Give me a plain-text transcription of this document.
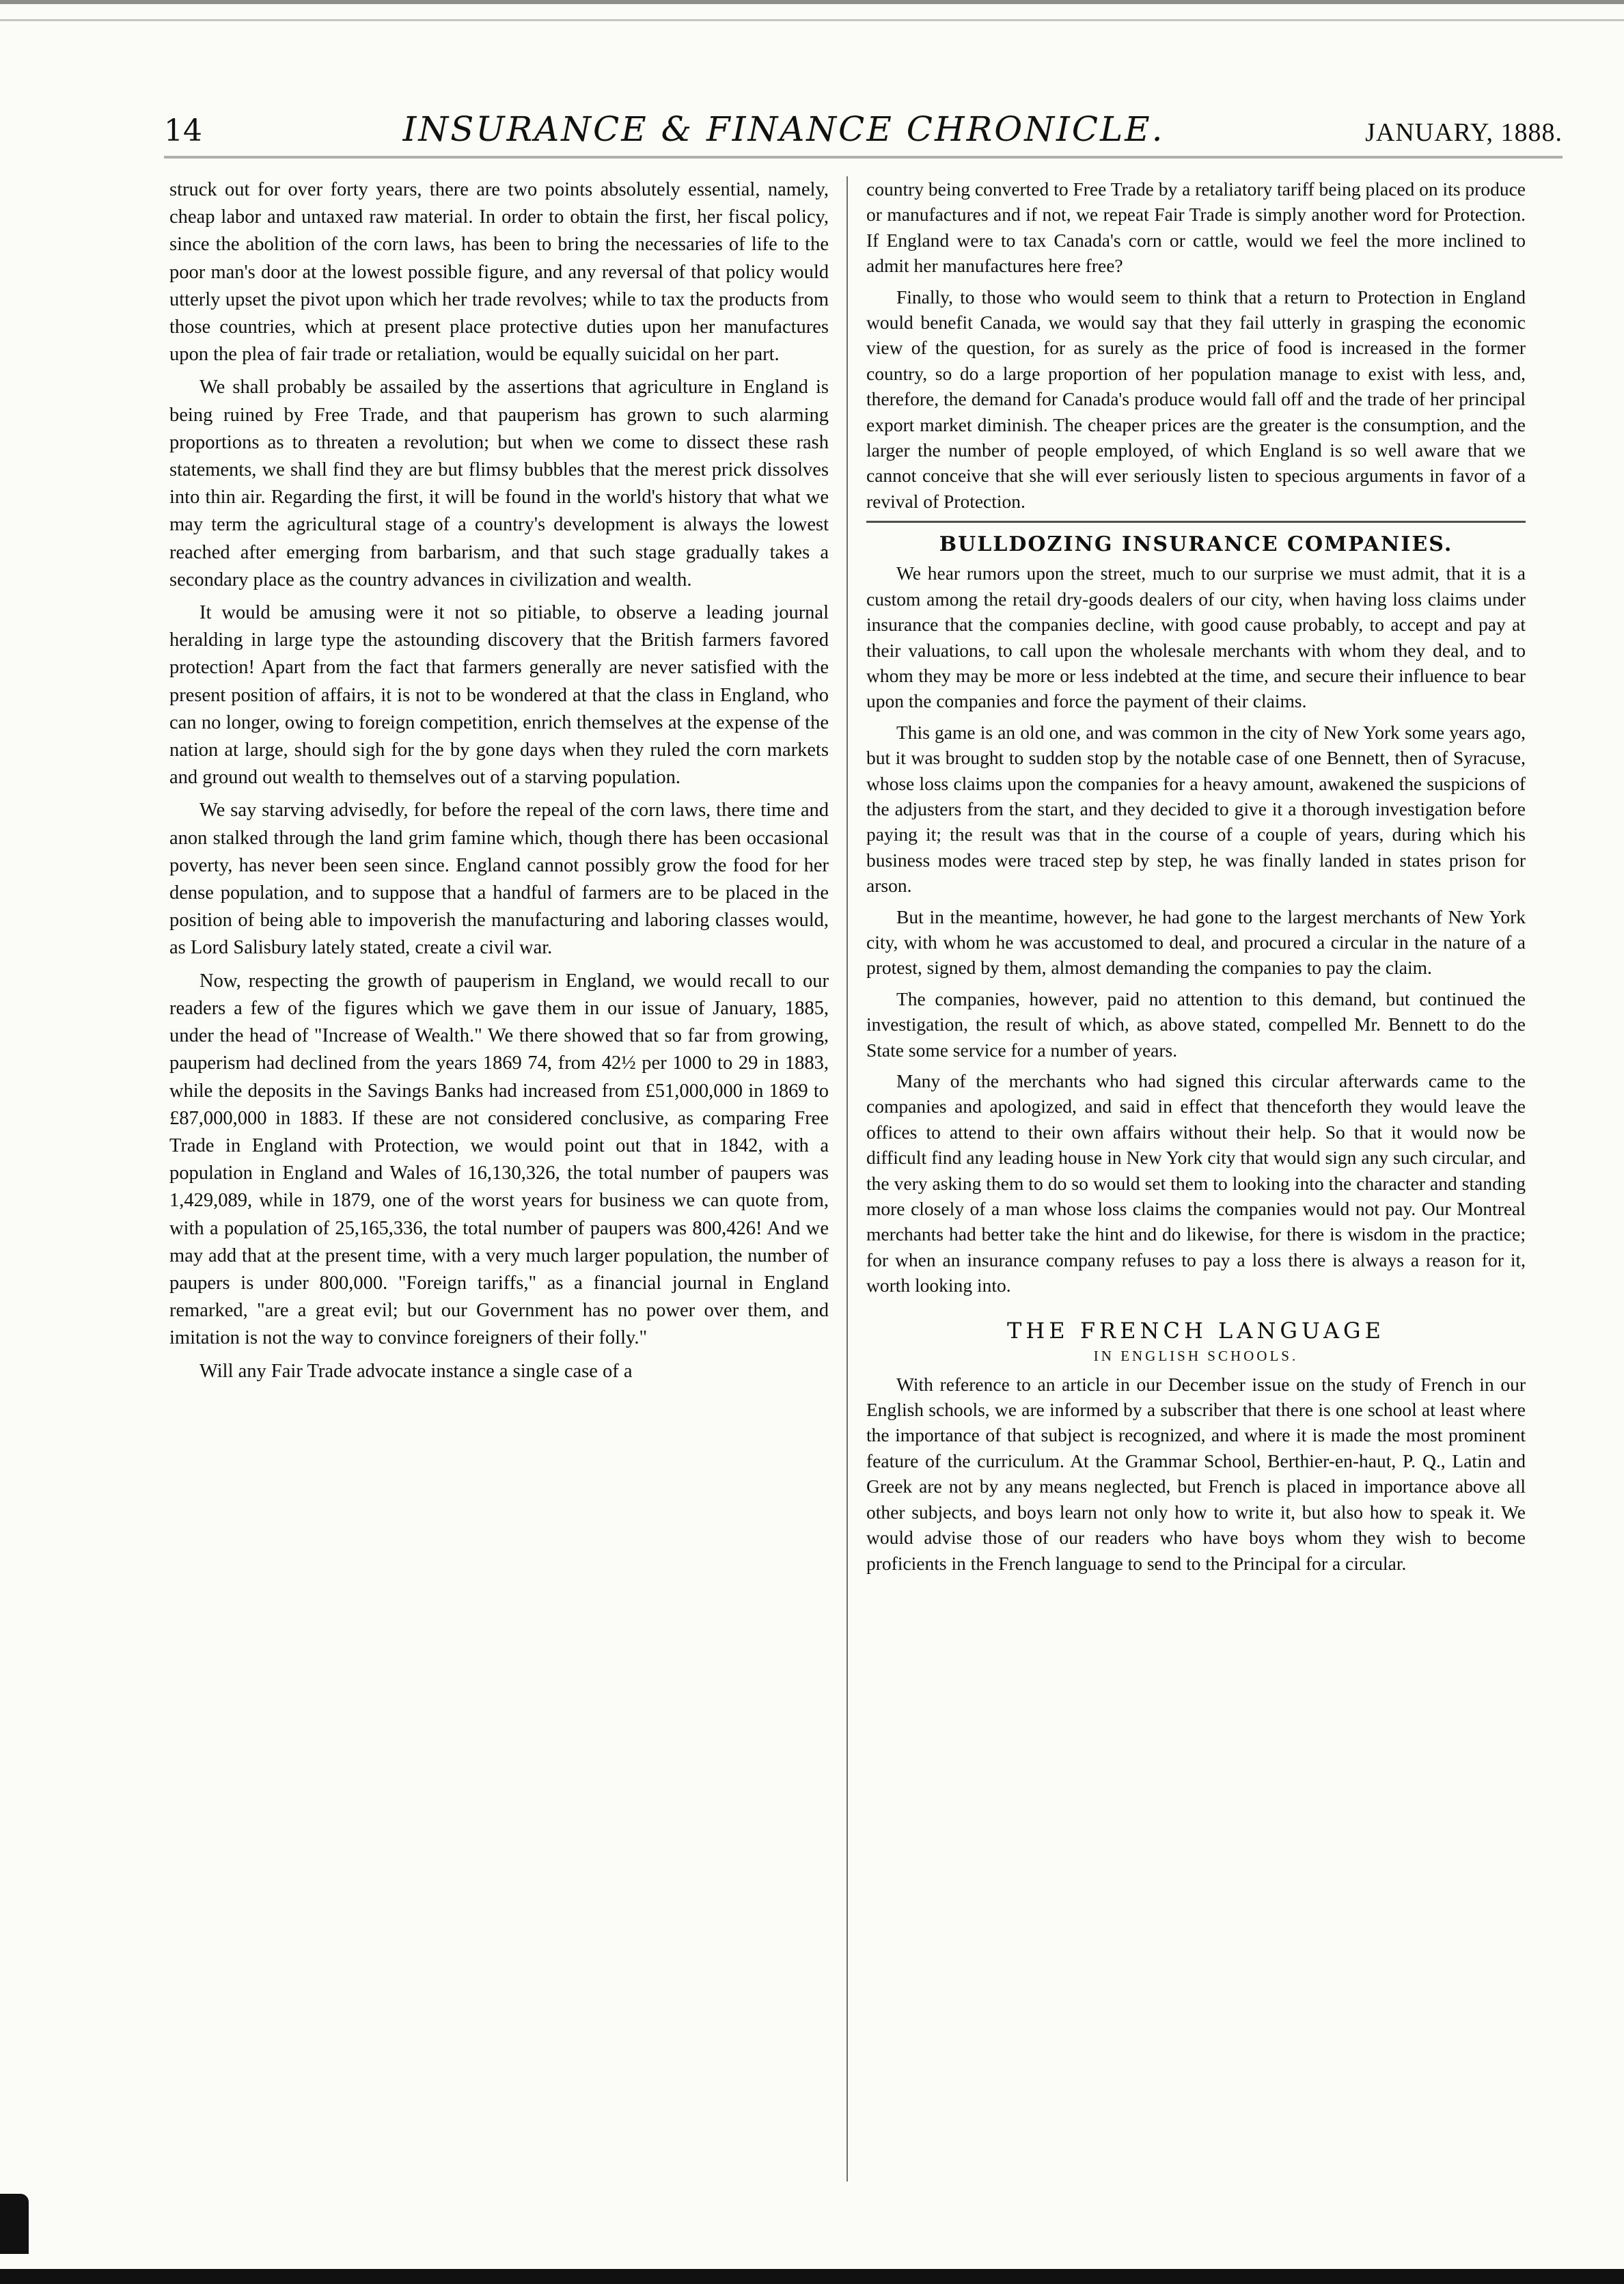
14	INSURANCE & FINANCE CHRONICLE.	JANUARY, 1888.

struck out for over forty years, there are two points absolutely essential, namely, cheap labor and untaxed raw material. In order to obtain the first, her fiscal policy, since the abolition of the corn laws, has been to bring the necessaries of life to the poor man's door at the lowest possible figure, and any reversal of that policy would utterly upset the pivot upon which her trade revolves; while to tax the products from those countries, which at present place protective duties upon her manufactures upon the plea of fair trade or retaliation, would be equally suicidal on her part.

We shall probably be assailed by the assertions that agriculture in England is being ruined by Free Trade, and that pauperism has grown to such alarming proportions as to threaten a revolution; but when we come to dissect these rash statements, we shall find they are but flimsy bubbles that the merest prick dissolves into thin air. Regarding the first, it will be found in the world's history that what we may term the agricultural stage of a country's development is always the lowest reached after emerging from barbarism, and that such stage gradually takes a secondary place as the country advances in civilization and wealth.

It would be amusing were it not so pitiable, to observe a leading journal heralding in large type the astounding discovery that the British farmers favored protection! Apart from the fact that farmers generally are never satisfied with the present position of affairs, it is not to be wondered at that the class in England, who can no longer, owing to foreign competition, enrich themselves at the expense of the nation at large, should sigh for the by gone days when they ruled the corn markets and ground out wealth to themselves out of a starving population.

We say starving advisedly, for before the repeal of the corn laws, there time and anon stalked through the land grim famine which, though there has been occasional poverty, has never been seen since. England cannot possibly grow the food for her dense population, and to suppose that a handful of farmers are to be placed in the position of being able to impoverish the manufacturing and laboring classes would, as Lord Salisbury lately stated, create a civil war.

Now, respecting the growth of pauperism in England, we would recall to our readers a few of the figures which we gave them in our issue of January, 1885, under the head of "Increase of Wealth." We there showed that so far from growing, pauperism had declined from the years 1869 74, from 42½ per 1000 to 29 in 1883, while the deposits in the Savings Banks had increased from £51,000,000 in 1869 to £87,000,000 in 1883. If these are not considered conclusive, as comparing Free Trade in England with Protection, we would point out that in 1842, with a population in England and Wales of 16,130,326, the total number of paupers was 1,429,089, while in 1879, one of the worst years for business we can quote from, with a population of 25,165,336, the total number of paupers was 800,426! And we may add that at the present time, with a very much larger population, the number of paupers is under 800,000. "Foreign tariffs," as a financial journal in England remarked, "are a great evil; but our Government has no power over them, and imitation is not the way to convince foreigners of their folly."

Will any Fair Trade advocate instance a single case of a

country being converted to Free Trade by a retaliatory tariff being placed on its produce or manufactures and if not, we repeat Fair Trade is simply another word for Protection. If England were to tax Canada's corn or cattle, would we feel the more inclined to admit her manufactures here free?

Finally, to those who would seem to think that a return to Protection in England would benefit Canada, we would say that they fail utterly in grasping the economic view of the question, for as surely as the price of food is increased in the former country, so do a large proportion of her population manage to exist with less, and, therefore, the demand for Canada's produce would fall off and the trade of her principal export market diminish. The cheaper prices are the greater is the consumption, and the larger the number of people employed, of which England is so well aware that we cannot conceive that she will ever seriously listen to specious arguments in favor of a revival of Protection.

BULLDOZING INSURANCE COMPANIES.

We hear rumors upon the street, much to our surprise we must admit, that it is a custom among the retail dry-goods dealers of our city, when having loss claims under insurance that the companies decline, with good cause probably, to accept and pay at their valuations, to call upon the wholesale merchants with whom they deal, and to whom they may be more or less indebted at the time, and secure their influence to bear upon the companies and force the payment of their claims.

This game is an old one, and was common in the city of New York some years ago, but it was brought to sudden stop by the notable case of one Bennett, then of Syracuse, whose loss claims upon the companies for a heavy amount, awakened the suspicions of the adjusters from the start, and they decided to give it a thorough investigation before paying it; the result was that in the course of a couple of years, during which his business modes were traced step by step, he was finally landed in states prison for arson.

But in the meantime, however, he had gone to the largest merchants of New York city, with whom he was accustomed to deal, and procured a circular in the nature of a protest, signed by them, almost demanding the companies to pay the claim.

The companies, however, paid no attention to this demand, but continued the investigation, the result of which, as above stated, compelled Mr. Bennett to do the State some service for a number of years.

Many of the merchants who had signed this circular afterwards came to the companies and apologized, and said in effect that thenceforth they would leave the offices to attend to their own affairs without their help. So that it would now be difficult find any leading house in New York city that would sign any such circular, and the very asking them to do so would set them to looking into the character and standing more closely of a man whose loss claims the companies would not pay. Our Montreal merchants had better take the hint and do likewise, for there is wisdom in the practice; for when an insurance company refuses to pay a loss there is always a reason for it, worth looking into.

THE FRENCH LANGUAGE
IN ENGLISH SCHOOLS.

With reference to an article in our December issue on the study of French in our English schools, we are informed by a subscriber that there is one school at least where the importance of that subject is recognized, and where it is made the most prominent feature of the curriculum. At the Grammar School, Berthier-en-haut, P. Q., Latin and Greek are not by any means neglected, but French is placed in importance above all other subjects, and boys learn not only how to write it, but also how to speak it. We would advise those of our readers who have boys whom they wish to become proficients in the French language to send to the Principal for a circular.
